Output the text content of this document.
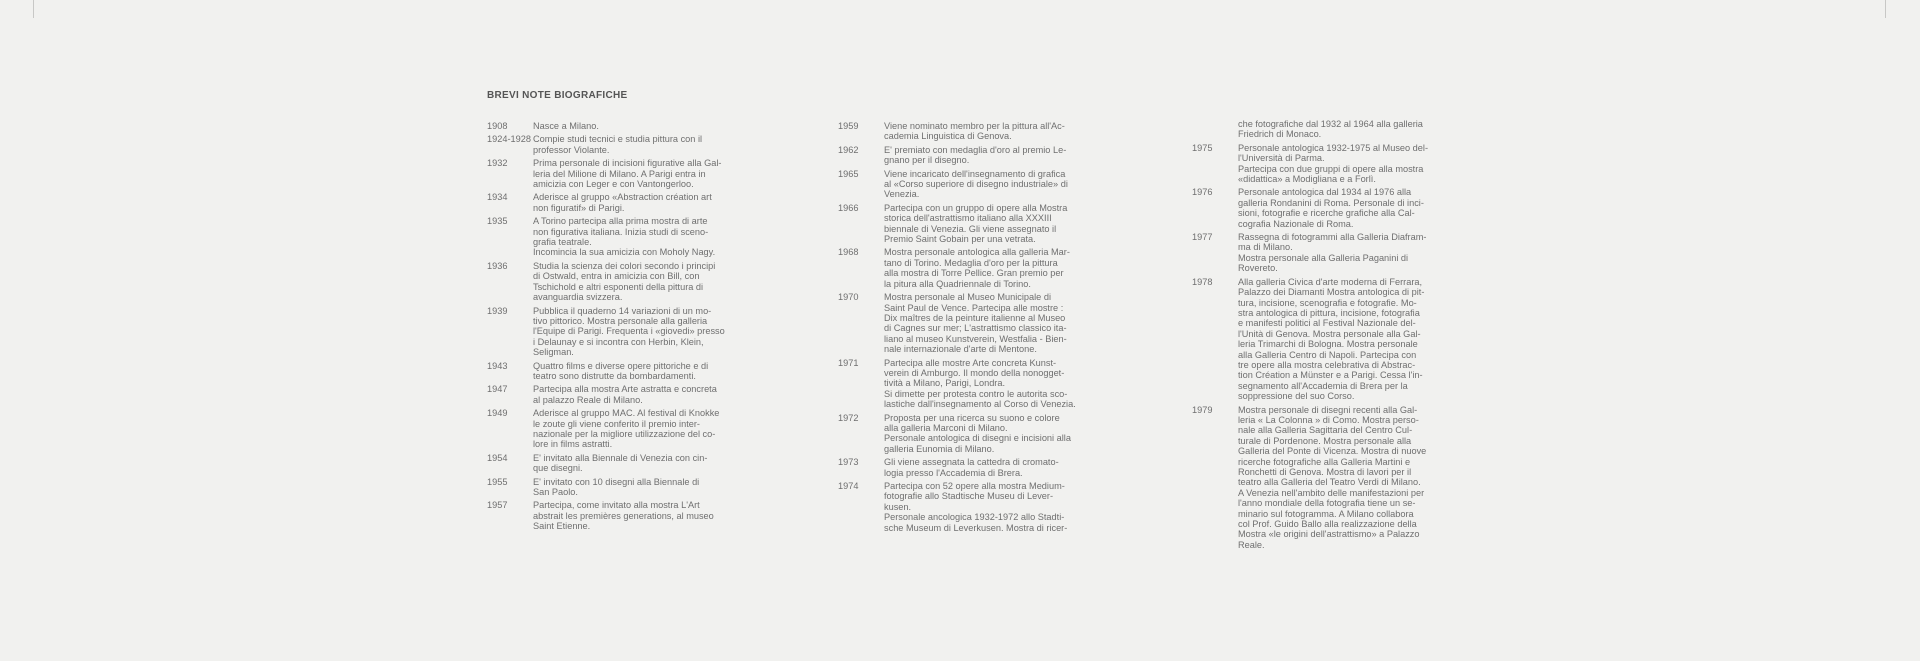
BREVI NOTE BIOGRAFICHE
1908	Nasce a Milano.
1924-1928 Compie studi tecnici e studia pittura con il
professor Violante.
1932	Prima personale di incisioni figurative alla Gal-
leria del Milione di Milano. A Parigi entra in
amicizia con Leger e con Vantongerloo.
1934	Aderisce al gruppo «Abstraction création art
non figuratif» di Parigi.
1935	A Torino partecipa alla prima mostra di arte
non figurativa italiana. Inizia studi di sceno-
grafia teatrale.
Incomincia la sua amicizia con Moholy Nagy.
1936	Studia la scienza dei colori secondo i principi
di Ostwald, entra in amicizia con Bill, con
Tschichold e altri esponenti della pittura di
avanguardia svizzera.
1939	Pubblica il quaderno 14 variazioni di un mo-
tivo pittorico. Mostra personale alla galleria
l'Equipe di Parigi. Frequenta i «giovedi» presso
i Delaunay e si incontra con Herbin, Klein,
Seligman.
1943	Quattro films e diverse opere pittoriche e di
teatro sono distrutte da bombardamenti.
1947	Partecipa alla mostra Arte astratta e concreta
al palazzo Reale di Milano.
1949	Aderisce al gruppo MAC. Al festival di Knokke
le zoute gli viene conferito il premio inter-
nazionale per la migliore utilizzazione del co-
lore in films astratti.
1954	E' invitato alla Biennale di Venezia con cin-
que disegni.
1955	E' invitato con 10 disegni alla Biennale di
San Paolo.
1957	Partecipa, come invitato alla mostra L'Art
abstrait les premières generations, al museo
Saint Etienne.
1959	Viene nominato membro per la pittura all'Ac-
cademia Linguistica di Genova.
1962	E' premiato con medaglia d'oro al premio Le-
gnano per il disegno.
1965	Viene incaricato dell'insegnamento di grafica
al «Corso superiore di disegno industriale» di
Venezia.
1966	Partecipa con un gruppo di opere alla Mostra
storica dell'astrattismo italiano alla XXXIII
biennale di Venezia. Gli viene assegnato il
Premio Saint Gobain per una vetrata.
1968	Mostra personale antologica alla galleria Mar-
tano di Torino. Medaglia d'oro per la pittura
alla mostra di Torre Pellice. Gran premio per
la pitura alla Quadriennale di Torino.
1970	Mostra personale al Museo Municipale di
Saint Paul de Vence. Partecipa alle mostre :
Dix maîtres de la peinture italienne al Museo
di Cagnes sur mer; L'astrattismo classico ita-
liano al museo Kunstverein, Westfalia - Bien-
nale internazionale d'arte di Mentone.
1971	Partecipa alle mostre Arte concreta Kunst-
verein di Amburgo. Il mondo della nonogget-
tività a Milano, Parigi, Londra.
Si dimette per protesta contro le autorita sco-
lastiche dall'insegnamento al Corso di Venezia.
1972	Proposta per una ricerca su suono e colore
alla galleria Marconi di Milano.
Personale antologica di disegni e incisioni alla
galleria Eunomia di Milano.
1973	Gli viene assegnata la cattedra di cromato-
logia presso l'Accademia di Brera.
1974	Partecipa con 52 opere alla mostra Medium-
fotografie allo Stadtische Museu di Lever-
kusen.
Personale ancologica 1932-1972 allo Stadti-
sche Museum di Leverkusen. Mostra di ricer-
che fotografiche dal 1932 al 1964 alla galleria
Friedrich di Monaco.
1975	Personale antologica 1932-1975 al Museo del-
l'Università di Parma.
Partecipa con due gruppi di opere alla mostra
«didattica» a Modigliana e a Forlì.
1976	Personale antologica dal 1934 al 1976 alla
galleria Rondanini di Roma. Personale di inci-
sioni, fotografie e ricerche grafiche alla Cal-
cografia Nazionale di Roma.
1977	Rassegna di fotogrammi alla Galleria Diafram-
ma di Milano.
Mostra personale alla Galleria Paganini di
Rovereto.
1978	Alla galleria Civica d'arte moderna di Ferrara,
Palazzo dei Diamanti Mostra antologica di pit-
tura, incisione, scenografia e fotografie. Mo-
stra antologica di pittura, incisione, fotografia
e manifesti politici al Festival Nazionale del-
l'Unità di Genova. Mostra personale alla Gal-
leria Trimarchi di Bologna. Mostra personale
alla Galleria Centro di Napoli. Partecipa con
tre opere alla mostra celebrativa di Abstrac-
tion Création a Münster e a Parigi. Cessa l'in-
segnamento all'Accademia di Brera per la
soppressione del suo Corso.
1979	Mostra personale di disegni recenti alla Gal-
leria « La Colonna » di Como. Mostra perso-
nale alla Galleria Sagittaria del Centro Cul-
turale di Pordenone. Mostra personale alla
Galleria del Ponte di Vicenza. Mostra di nuove
ricerche fotografiche alla Galleria Martini e
Ronchetti di Genova. Mostra di lavori per il
teatro alla Galleria del Teatro Verdi di Milano.
A Venezia nell'ambito delle manifestazioni per
l'anno mondiale della fotografia tiene un se-
minario sul fotogramma. A Milano collabora
col Prof. Guido Ballo alla realizzazione della
Mostra «le origini dell'astrattismo» a Palazzo
Reale.
